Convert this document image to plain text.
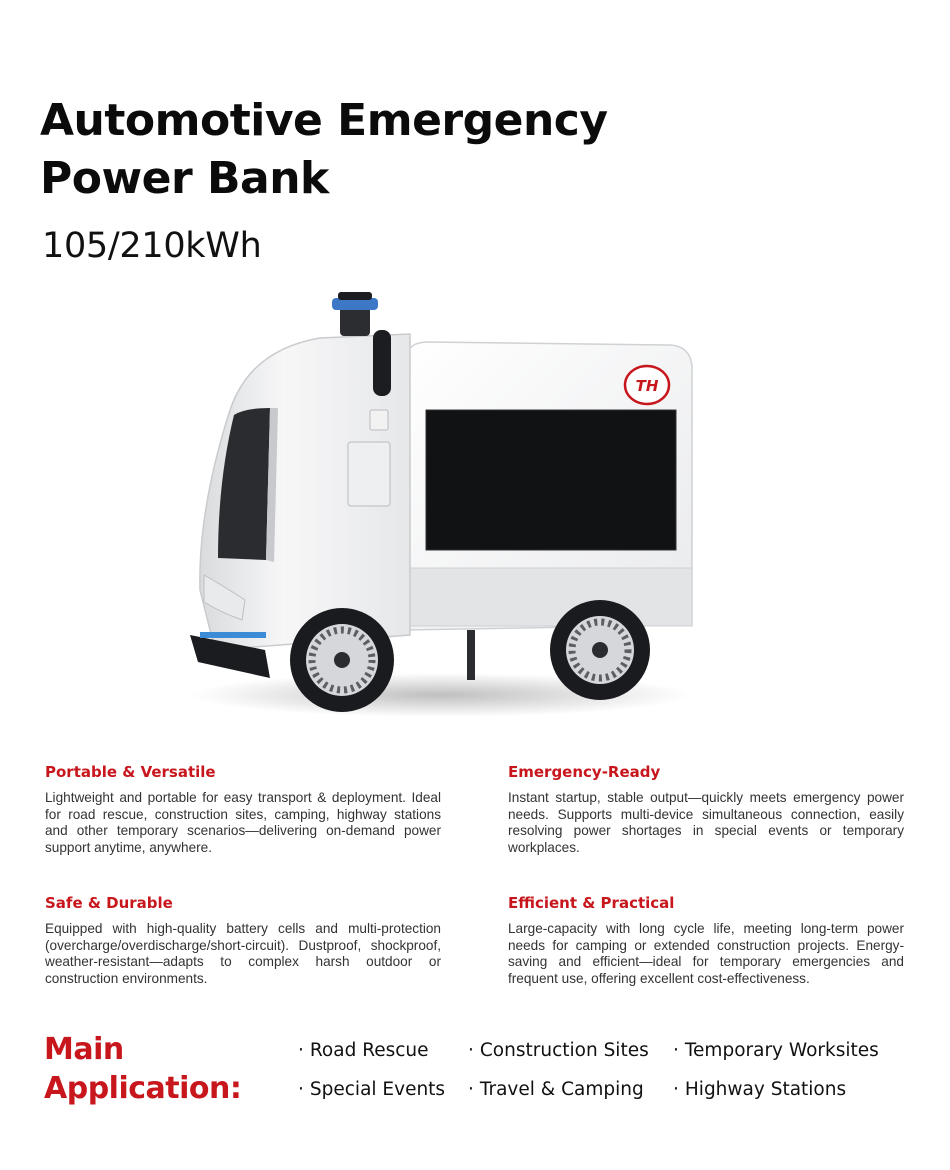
Automotive Emergency
Power Bank
105/210kWh
TH
Portable & Versatile

Lightweight and portable for easy transport & deployment. Ideal for road rescue, construction sites, camping, highway stations and other temporary scenarios—delivering on-demand power support anytime, anywhere.

Emergency-Ready

Instant startup, stable output—quickly meets emergency power needs. Supports multi-device simultaneous connection, easily resolving power shortages in special events or temporary workplaces.

Safe & Durable

Equipped with high-quality battery cells and multi-protection (overcharge/overdischarge/short-circuit). Dustproof, shockproof, weather-resistant—adapts to complex harsh outdoor or construction environments.

Efficient & Practical

Large-capacity with long cycle life, meeting long-term power needs for camping or extended construction projects. Energy-saving and efficient—ideal for temporary emergencies and frequent use, offering excellent cost-effectiveness.

Main
Application:
· Road Rescue · Construction Sites · Temporary Worksites
· Special Events · Travel & Camping · Highway Stations
